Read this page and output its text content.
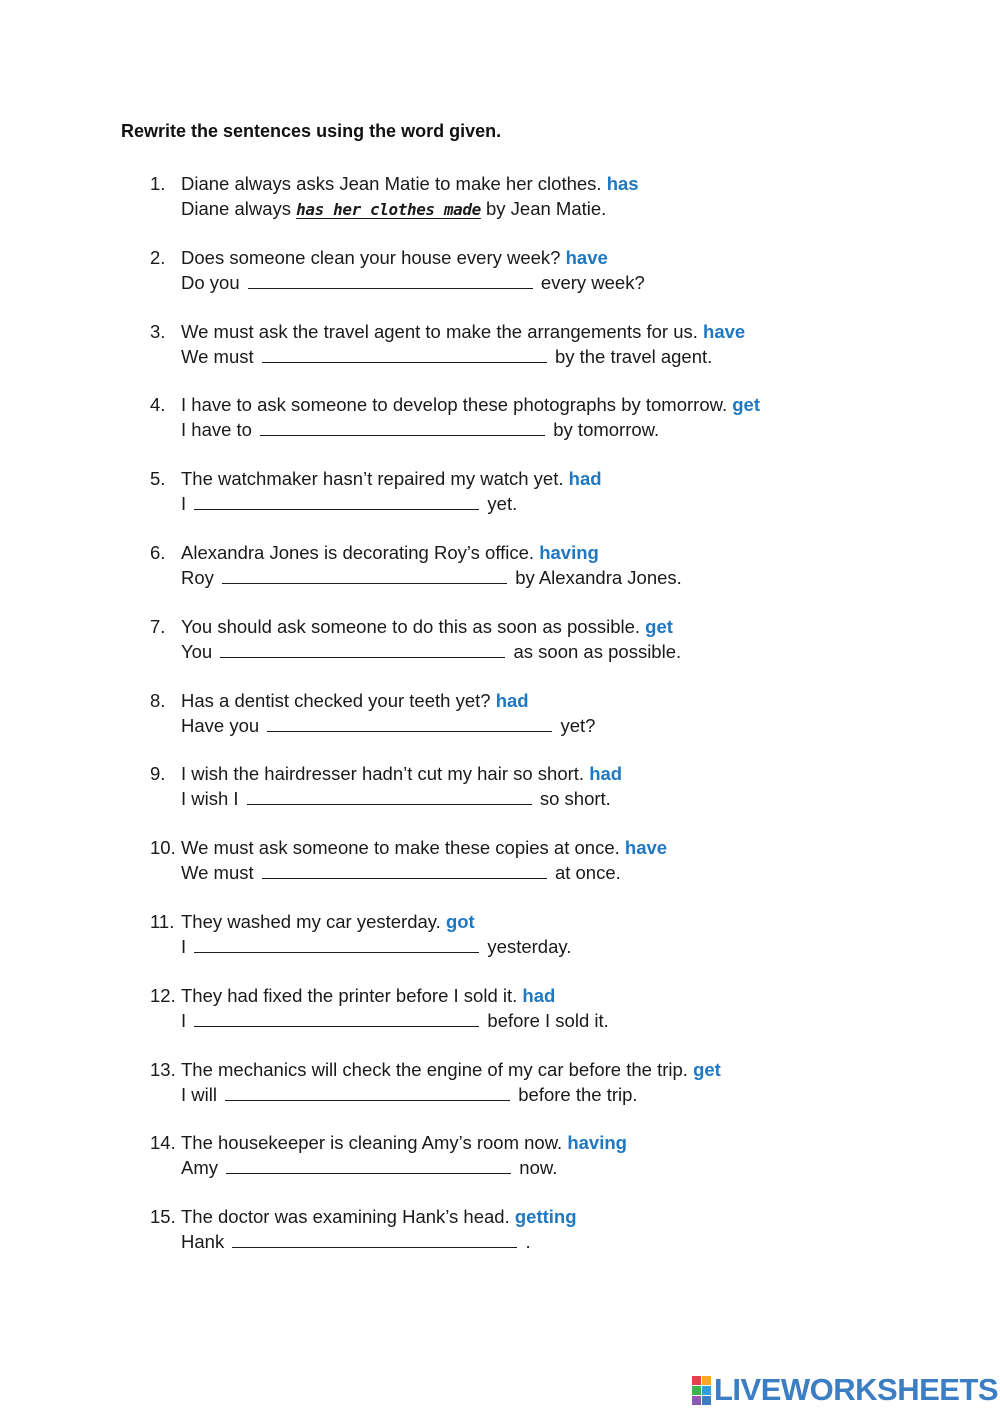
Rewrite the sentences using the word given.

1. Diane always asks Jean Matie to make her clothes. has
Diane always has her clothes made by Jean Matie.
2. Does someone clean your house every week? have
Do you	every week?
3. We must ask the travel agent to make the arrangements for us. have
We must	by the travel agent.
4. I have to ask someone to develop these photographs by tomorrow. get
I have to	by tomorrow.
5. The watchmaker hasn’t repaired my watch yet. had
I	yet.
6. Alexandra Jones is decorating Roy’s office. having
Roy	by Alexandra Jones.
7. You should ask someone to do this as soon as possible. get
You	as soon as possible.
8. Has a dentist checked your teeth yet? had
Have you	yet?
9. I wish the hairdresser hadn’t cut my hair so short. had
I wish I	so short.
10. We must ask someone to make these copies at once. have
We must	at once.
11. They washed my car yesterday. got
I	yesterday.
12. They had fixed the printer before I sold it. had
I	before I sold it.
13. The mechanics will check the engine of my car before the trip. get
I will	before the trip.
14. The housekeeper is cleaning Amy’s room now. having
Amy	now.
15. The doctor was examining Hank’s head. getting
Hank	.
LIVEWORKSHEETS
